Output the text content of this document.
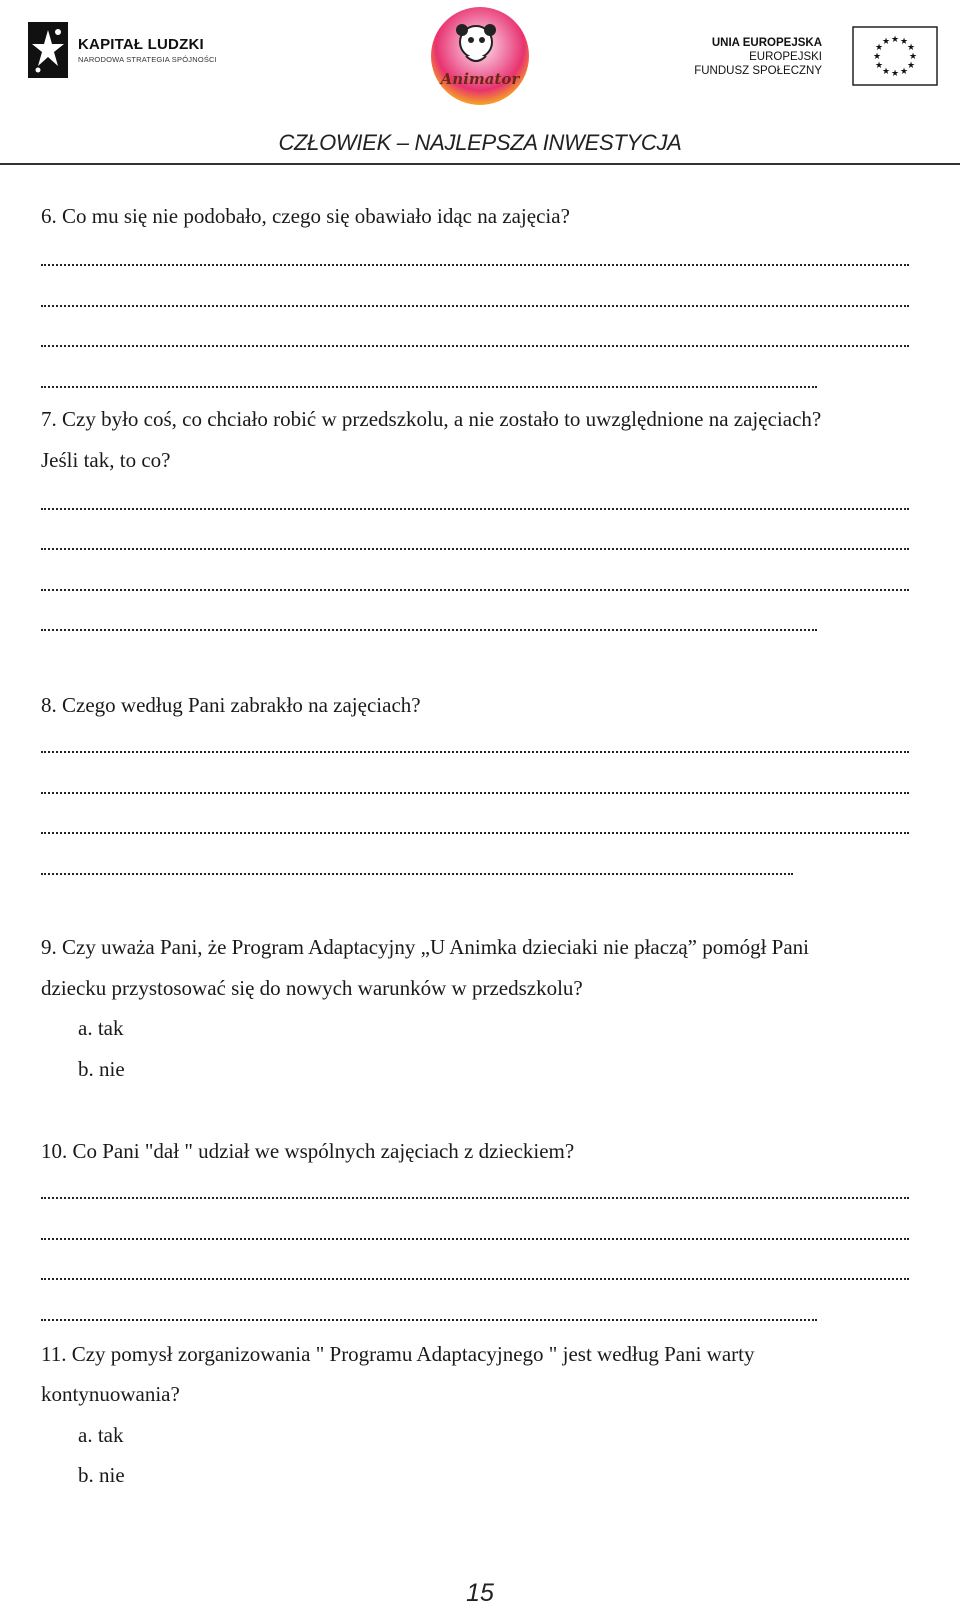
KAPITAŁ LUDZKI
NARODOWA STRATEGIA SPÓJNOŚCI
Animator
UNIA EUROPEJSKA
EUROPEJSKI
FUNDUSZ SPOŁECZNY
★ ★
★
★
★
★
★
★
★
★
★
★
CZŁOWIEK – NAJLEPSZA INWESTYCJA
6. Co mu się nie podobało, czego się obawiało idąc na zajęcia?
7. Czy było coś, co chciało robić w przedszkolu, a nie zostało to uwzględnione na zajęciach?
Jeśli tak, to co?
8. Czego według Pani zabrakło na zajęciach?
9. Czy uważa Pani, że Program Adaptacyjny „U Animka dzieciaki nie płaczą” pomógł Pani
dziecku przystosować się do nowych warunków w przedszkolu?
a. tak
b. nie
10. Co Pani "dał " udział we wspólnych zajęciach z dzieckiem?
11. Czy pomysł zorganizowania " Programu Adaptacyjnego " jest według Pani warty
kontynuowania?
a. tak
b. nie
15
